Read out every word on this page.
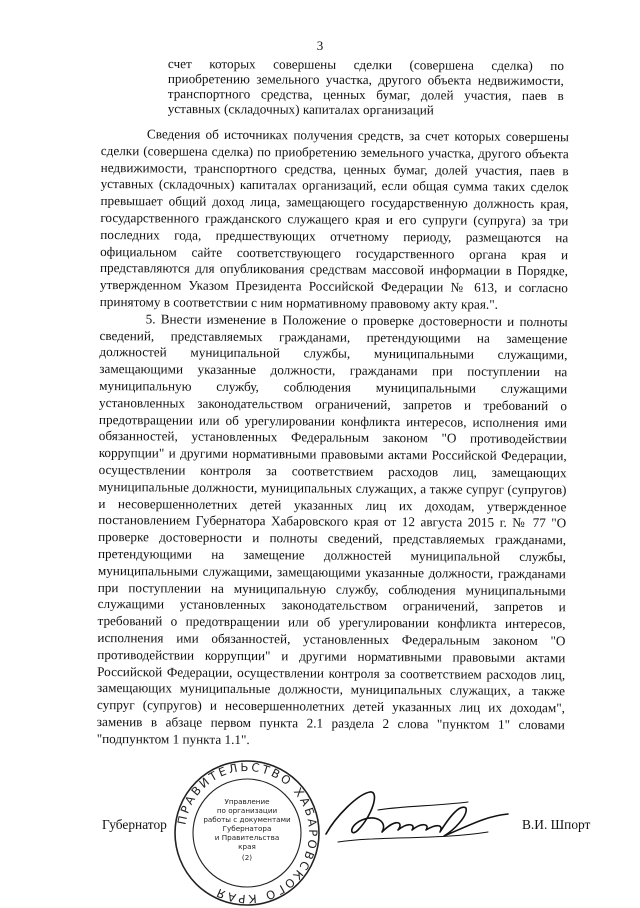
3
счет которых совершены сделки (совершена сделка) по приобретению земельного участка, другого объекта недвижимости, транспортного средства, ценных бумаг, долей участия, паев в уставных (складочных) капиталах организаций

Сведения об источниках получения средств, за счет которых совершены сделки (совершена сделка) по приобретению земельного участка, другого объекта недвижимости, транспортного средства, ценных бумаг, долей участия, паев в уставных (складочных) капиталах организаций, если общая сумма таких сделок превышает общий доход лица, замещающего государственную должность края, государственного гражданского служащего края и его супруги (супруга) за три последних года, предшествующих отчетному периоду, размещаются на официальном сайте соответствующего государственного органа края и представляются для опубликования средствам массовой информации в Порядке, утвержденном Указом Президента Российской Федерации № 613, и согласно принятому в соответствии с ним нормативному правовому акту края.".

5. Внести изменение в Положение о проверке достоверности и полноты сведений, представляемых гражданами, претендующими на замещение должностей муниципальной службы, муниципальными служащими, замещающими указанные должности, гражданами при поступлении на муниципальную службу, соблюдения муниципальными служащими установленных законодательством ограничений, запретов и требований о предотвращении или об урегулировании конфликта интересов, исполнения ими обязанностей, установленных Федеральным законом "О противодействии коррупции" и другими нормативными правовыми актами Российской Федерации, осуществлении контроля за соответствием расходов лиц, замещающих муниципальные должности, муниципальных служащих, а также супруг (супругов) и несовершеннолетних детей указанных лиц их доходам, утвержденное постановлением Губернатора Хабаровского края от 12 августа 2015 г. № 77 "О проверке достоверности и полноты сведений, представляемых гражданами, претендующими на замещение должностей муниципальной службы, муниципальными служащими, замещающими указанные должности, гражданами при поступлении на муниципальную службу, соблюдения муниципальными служащими установленных законодательством ограничений, запретов и требований о предотвращении или об урегулировании конфликта интересов, исполнения ими обязанностей, установленных Федеральным законом "О противодействии коррупции" и другими нормативными правовыми актами Российской Федерации, осуществлении контроля за соответствием расходов лиц, замещающих муниципальные должности, муниципальных служащих, а также супруг (супругов) и несовершеннолетних детей указанных лиц их доходам", заменив в абзаце первом пункта 2.1 раздела 2 слова "пунктом 1" словами "подпунктом 1 пункта 1.1".

Губернатор	В.И. Шпорт
ПРАВИТЕЛЬСТВО ХАБАРОВСКОГО КРАЯ
Управление
по организации
работы с документами
Губернатора
и Правительства
края
(2)
